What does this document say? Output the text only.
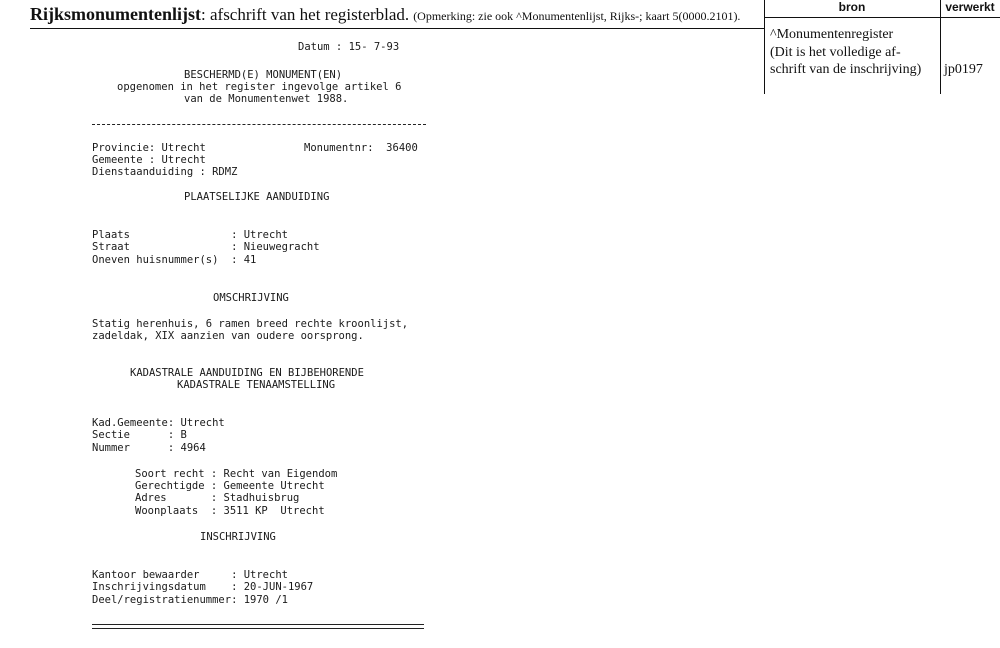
Rijksmonumentenlijst: afschrift van het registerblad. (Opmerking: zie ook ^Monumentenlijst, Rijks-; kaart 5(0000.2101).
bron	verwerkt
^Monumentenregister
(Dit is het volledige af-
schrift van de inschrijving)	jp0197
Datum : 15- 7-93
BESCHERMD(E) MONUMENT(EN)
opgenomen in het register ingevolge artikel 6
van de Monumentenwet 1988.
Provincie: Utrecht	Monumentnr:  36400
Gemeente : Utrecht
Dienstaanduiding : RDMZ
PLAATSELIJKE AANDUIDING
Plaats                : Utrecht
Straat                : Nieuwegracht
Oneven huisnummer(s)  : 41
OMSCHRIJVING
Statig herenhuis, 6 ramen breed rechte kroonlijst,
zadeldak, XIX aanzien van oudere oorsprong.
KADASTRALE AANDUIDING EN BIJBEHORENDE
KADASTRALE TENAAMSTELLING
Kad.Gemeente: Utrecht
Sectie      : B
Nummer      : 4964
Soort recht : Recht van Eigendom
Gerechtigde : Gemeente Utrecht
Adres       : Stadhuisbrug
Woonplaats  : 3511 KP  Utrecht
INSCHRIJVING
Kantoor bewaarder     : Utrecht
Inschrijvingsdatum    : 20-JUN-1967
Deel/registratienummer: 1970 /1
